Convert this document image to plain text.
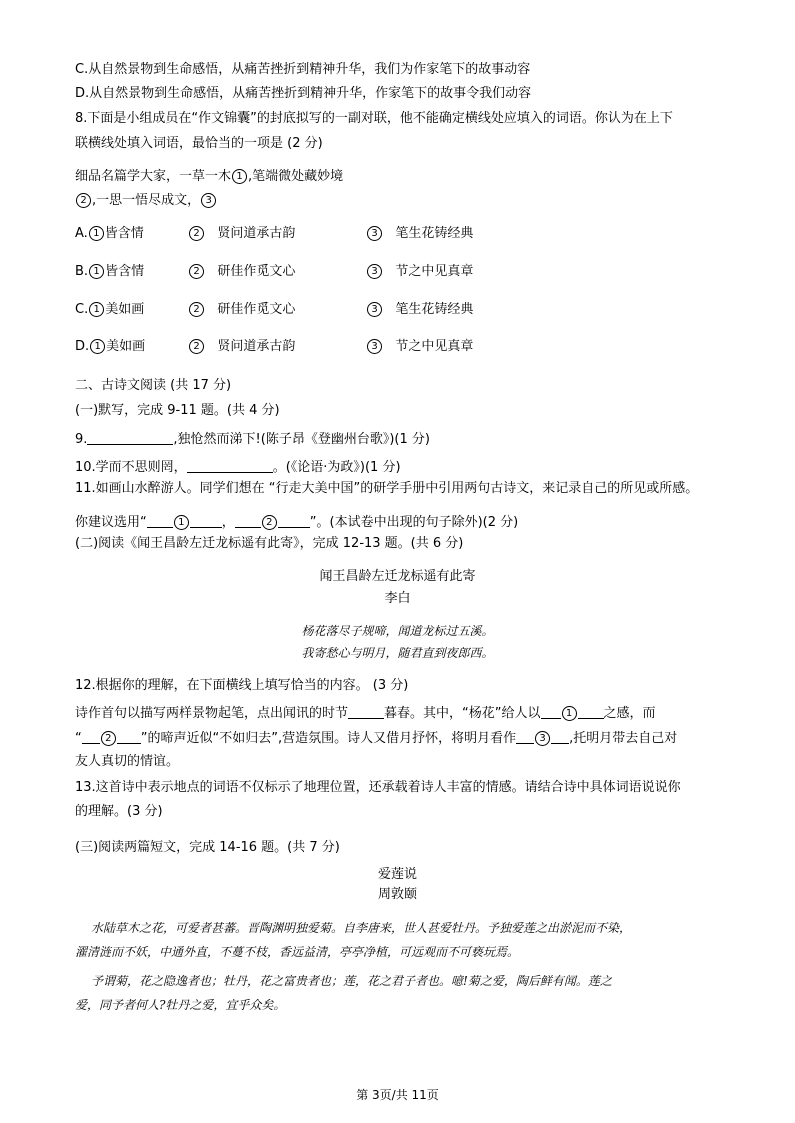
C.从自然景物到生命感悟，从痛苦挫折到精神升华，我们为作家笔下的故事动容
D.从自然景物到生命感悟，从痛苦挫折到精神升华，作家笔下的故事令我们动容
8.下面是小组成员在“作文锦囊”的封底拟写的一副对联，他不能确定横线处应填入的词语。你认为在上下
联横线处填入词语，最恰当的一项是 (2 分)
细品名篇学大家，一草一木 1 ,笔端微处藏妙境
2 ,一思一悟尽成文， 3
A. 1 皆含情	2 贤问道承古韵	3 笔生花铸经典
B. 1 皆含情	2 研佳作觅文心	3 节之中见真章
C. 1 美如画	2 研佳作觅文心	3 笔生花铸经典
D. 1 美如画	2 贤问道承古韵	3 节之中见真章
二、古诗文阅读 (共 17 分)
(一)默写，完成 9-11 题。(共 4 分)
9.	,独怆然而涕下!(陈子昂《登幽州台歌》)(1 分)
10.学而不思则罔，	。(《论语·为政》)(1 分)
11.如画山水醉游人。同学们想在 “行走大美中国”的研学手册中引用两句古诗文，来记录自己的所见或所感。
你建议选用“	1	，	2	”。(本试卷中出现的句子除外)(2 分)
(二)阅读《闻王昌龄左迁龙标遥有此寄》，完成 12-13 题。(共 6 分)
闻王昌龄左迁龙标遥有此寄
李白
杨花落尽子规啼，闻道龙标过五溪。
我寄愁心与明月，随君直到夜郎西。
12.根据你的理解，在下面横线上填写恰当的内容。 (3 分)
诗作首句以描写两样景物起笔，点出闻讯的时节	暮春。其中，“杨花”给人以	1 之感，而
“ 2 ”的啼声近似“不如归去”,营造氛围。诗人又借月抒怀，将明月看作 3 ,托明月带去自己对
友人真切的情谊。
13.这首诗中表示地点的词语不仅标示了地理位置，还承载着诗人丰富的情感。请结合诗中具体词语说说你
的理解。(3 分)
(三)阅读两篇短文，完成 14-16 题。(共 7 分)
爱莲说
周敦颐
水陆草木之花，可爱者甚蕃。晋陶渊明独爱菊。自李唐来，世人甚爱牡丹。予独爱莲之出淤泥而不染，
濯清涟而不妖，中通外直，不蔓不枝，香远益清，亭亭净植，可远观而不可亵玩焉。
予谓菊，花之隐逸者也；牡丹，花之富贵者也；莲，花之君子者也。噫!菊之爱，陶后鲜有闻。莲之
爱，同予者何人?牡丹之爱，宜乎众矣。
第 3页/共 11页
